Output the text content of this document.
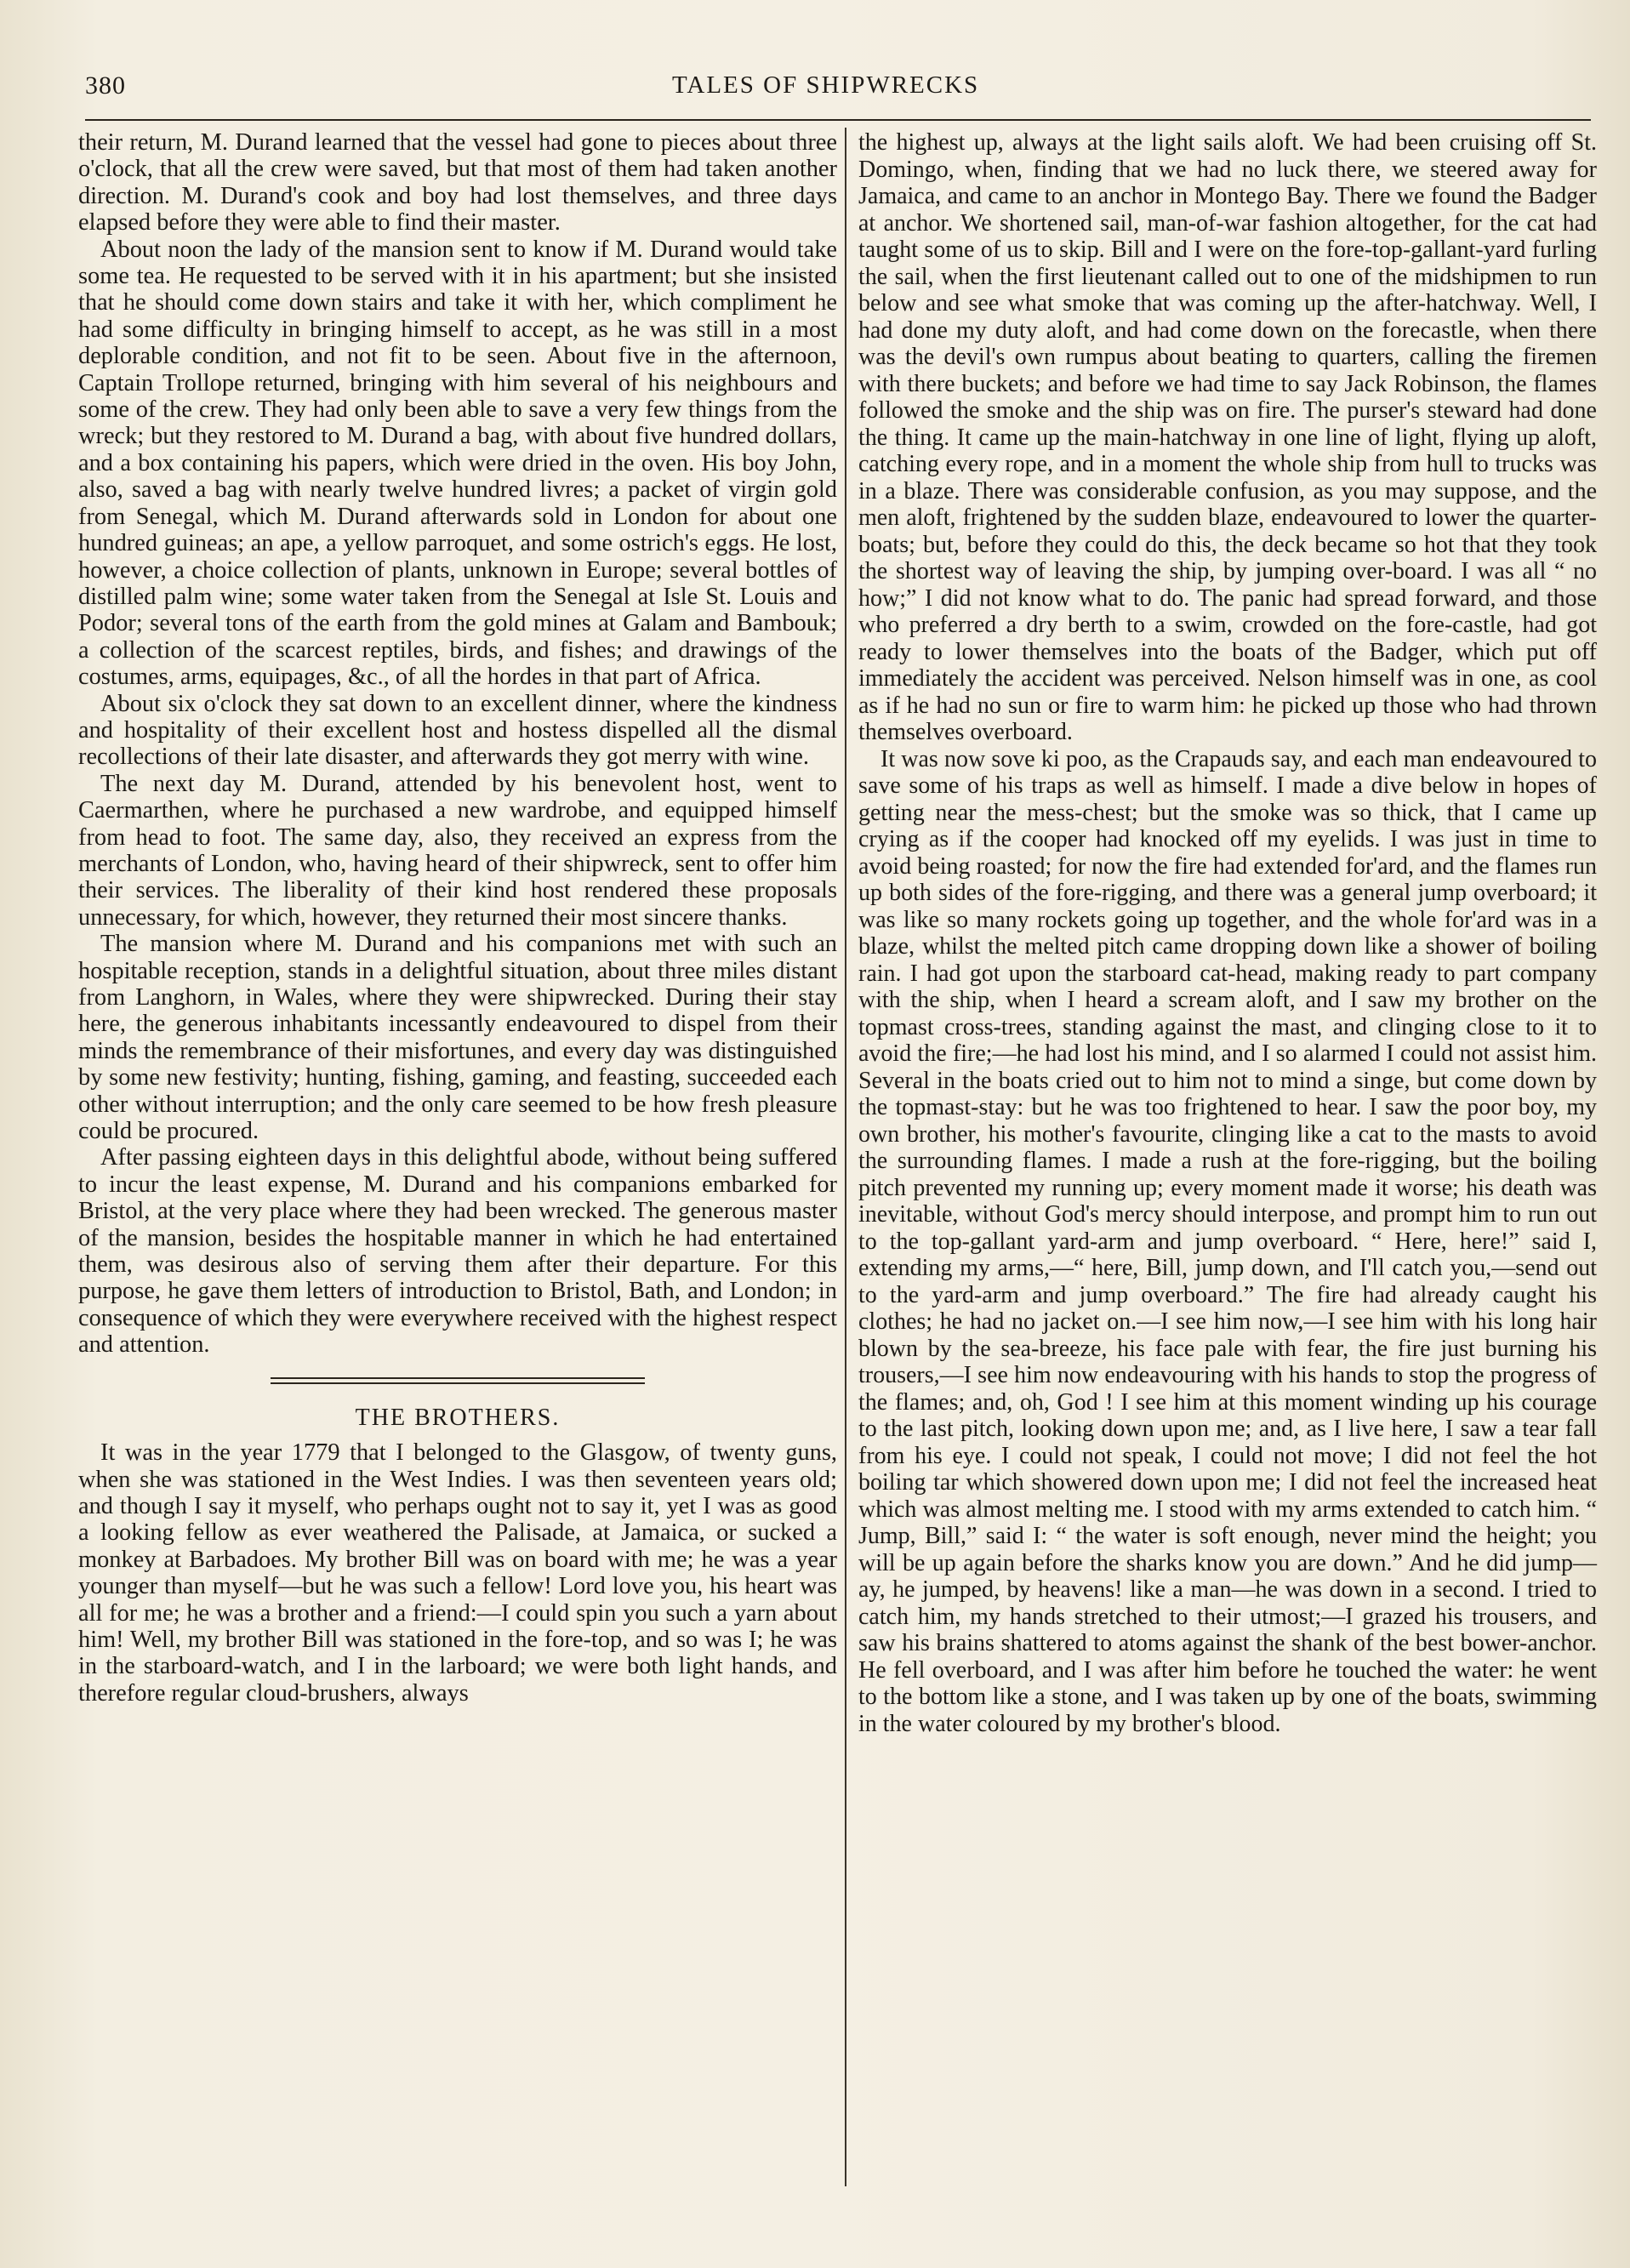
380	TALES OF SHIPWRECKS

their return, M. Durand learned that the vessel had gone to pieces about three o'clock, that all the crew were saved, but that most of them had taken another direction. M. Durand's cook and boy had lost themselves, and three days elapsed before they were able to find their master.

About noon the lady of the mansion sent to know if M. Durand would take some tea. He requested to be served with it in his apartment; but she insisted that he should come down stairs and take it with her, which compliment he had some difficulty in bringing himself to accept, as he was still in a most deplorable condition, and not fit to be seen. About five in the afternoon, Captain Trollope returned, bringing with him several of his neighbours and some of the crew. They had only been able to save a very few things from the wreck; but they restored to M. Durand a bag, with about five hundred dollars, and a box containing his papers, which were dried in the oven. His boy John, also, saved a bag with nearly twelve hundred livres; a packet of virgin gold from Senegal, which M. Durand afterwards sold in London for about one hundred guineas; an ape, a yellow parroquet, and some ostrich's eggs. He lost, however, a choice collection of plants, unknown in Europe; several bottles of distilled palm wine; some water taken from the Senegal at Isle St. Louis and Podor; several tons of the earth from the gold mines at Galam and Bambouk; a collection of the scarcest reptiles, birds, and fishes; and drawings of the costumes, arms, equipages, &c., of all the hordes in that part of Africa.

About six o'clock they sat down to an excellent dinner, where the kindness and hospitality of their excellent host and hostess dispelled all the dismal recollections of their late disaster, and afterwards they got merry with wine.

The next day M. Durand, attended by his benevolent host, went to Caermarthen, where he purchased a new wardrobe, and equipped himself from head to foot. The same day, also, they received an express from the merchants of London, who, having heard of their shipwreck, sent to offer him their services. The liberality of their kind host rendered these proposals unnecessary, for which, however, they returned their most sincere thanks.

The mansion where M. Durand and his companions met with such an hospitable reception, stands in a delightful situation, about three miles distant from Langhorn, in Wales, where they were shipwrecked. During their stay here, the generous inhabitants incessantly endeavoured to dispel from their minds the remembrance of their misfortunes, and every day was distinguished by some new festivity; hunting, fishing, gaming, and feasting, succeeded each other without interruption; and the only care seemed to be how fresh pleasure could be procured.

After passing eighteen days in this delightful abode, without being suffered to incur the least expense, M. Durand and his companions embarked for Bristol, at the very place where they had been wrecked. The generous master of the mansion, besides the hospitable manner in which he had entertained them, was desirous also of serving them after their departure. For this purpose, he gave them letters of introduction to Bristol, Bath, and London; in consequence of which they were everywhere received with the highest respect and attention.

THE BROTHERS.

It was in the year 1779 that I belonged to the Glasgow, of twenty guns, when she was stationed in the West Indies. I was then seventeen years old; and though I say it myself, who perhaps ought not to say it, yet I was as good a looking fellow as ever weathered the Palisade, at Jamaica, or sucked a monkey at Barbadoes. My brother Bill was on board with me; he was a year younger than myself—but he was such a fellow! Lord love you, his heart was all for me; he was a brother and a friend:—I could spin you such a yarn about him! Well, my brother Bill was stationed in the fore-top, and so was I; he was in the starboard-watch, and I in the larboard; we were both light hands, and therefore regular cloud-brushers, always

the highest up, always at the light sails aloft. We had been cruising off St. Domingo, when, finding that we had no luck there, we steered away for Jamaica, and came to an anchor in Montego Bay. There we found the Badger at anchor. We shortened sail, man-of-war fashion altogether, for the cat had taught some of us to skip. Bill and I were on the fore-top-gallant-yard furling the sail, when the first lieutenant called out to one of the midshipmen to run below and see what smoke that was coming up the after-hatchway. Well, I had done my duty aloft, and had come down on the forecastle, when there was the devil's own rumpus about beating to quarters, calling the firemen with there buckets; and before we had time to say Jack Robinson, the flames followed the smoke and the ship was on fire. The purser's steward had done the thing. It came up the main-hatchway in one line of light, flying up aloft, catching every rope, and in a moment the whole ship from hull to trucks was in a blaze. There was considerable confusion, as you may suppose, and the men aloft, frightened by the sudden blaze, endeavoured to lower the quarter-boats; but, before they could do this, the deck became so hot that they took the shortest way of leaving the ship, by jumping over-board. I was all “ no how;” I did not know what to do. The panic had spread forward, and those who preferred a dry berth to a swim, crowded on the fore-castle, had got ready to lower themselves into the boats of the Badger, which put off immediately the accident was perceived. Nelson himself was in one, as cool as if he had no sun or fire to warm him: he picked up those who had thrown themselves overboard.

It was now sove ki poo, as the Crapauds say, and each man endeavoured to save some of his traps as well as himself. I made a dive below in hopes of getting near the mess-chest; but the smoke was so thick, that I came up crying as if the cooper had knocked off my eyelids. I was just in time to avoid being roasted; for now the fire had extended for'ard, and the flames run up both sides of the fore-rigging, and there was a general jump overboard; it was like so many rockets going up together, and the whole for'ard was in a blaze, whilst the melted pitch came dropping down like a shower of boiling rain. I had got upon the starboard cat-head, making ready to part company with the ship, when I heard a scream aloft, and I saw my brother on the topmast cross-trees, standing against the mast, and clinging close to it to avoid the fire;—he had lost his mind, and I so alarmed I could not assist him. Several in the boats cried out to him not to mind a singe, but come down by the topmast-stay: but he was too frightened to hear. I saw the poor boy, my own brother, his mother's favourite, clinging like a cat to the masts to avoid the surrounding flames. I made a rush at the fore-rigging, but the boiling pitch prevented my running up; every moment made it worse; his death was inevitable, without God's mercy should interpose, and prompt him to run out to the top-gallant yard-arm and jump overboard. “ Here, here!” said I, extending my arms,—“ here, Bill, jump down, and I'll catch you,—send out to the yard-arm and jump overboard.” The fire had already caught his clothes; he had no jacket on.—I see him now,—I see him with his long hair blown by the sea-breeze, his face pale with fear, the fire just burning his trousers,—I see him now endeavouring with his hands to stop the progress of the flames; and, oh, God ! I see him at this moment winding up his courage to the last pitch, looking down upon me; and, as I live here, I saw a tear fall from his eye. I could not speak, I could not move; I did not feel the hot boiling tar which showered down upon me; I did not feel the increased heat which was almost melting me. I stood with my arms extended to catch him. “ Jump, Bill,” said I: “ the water is soft enough, never mind the height; you will be up again before the sharks know you are down.” And he did jump—ay, he jumped, by heavens! like a man—he was down in a second. I tried to catch him, my hands stretched to their utmost;—I grazed his trousers, and saw his brains shattered to atoms against the shank of the best bower-anchor. He fell overboard, and I was after him before he touched the water: he went to the bottom like a stone, and I was taken up by one of the boats, swimming in the water coloured by my brother's blood.
